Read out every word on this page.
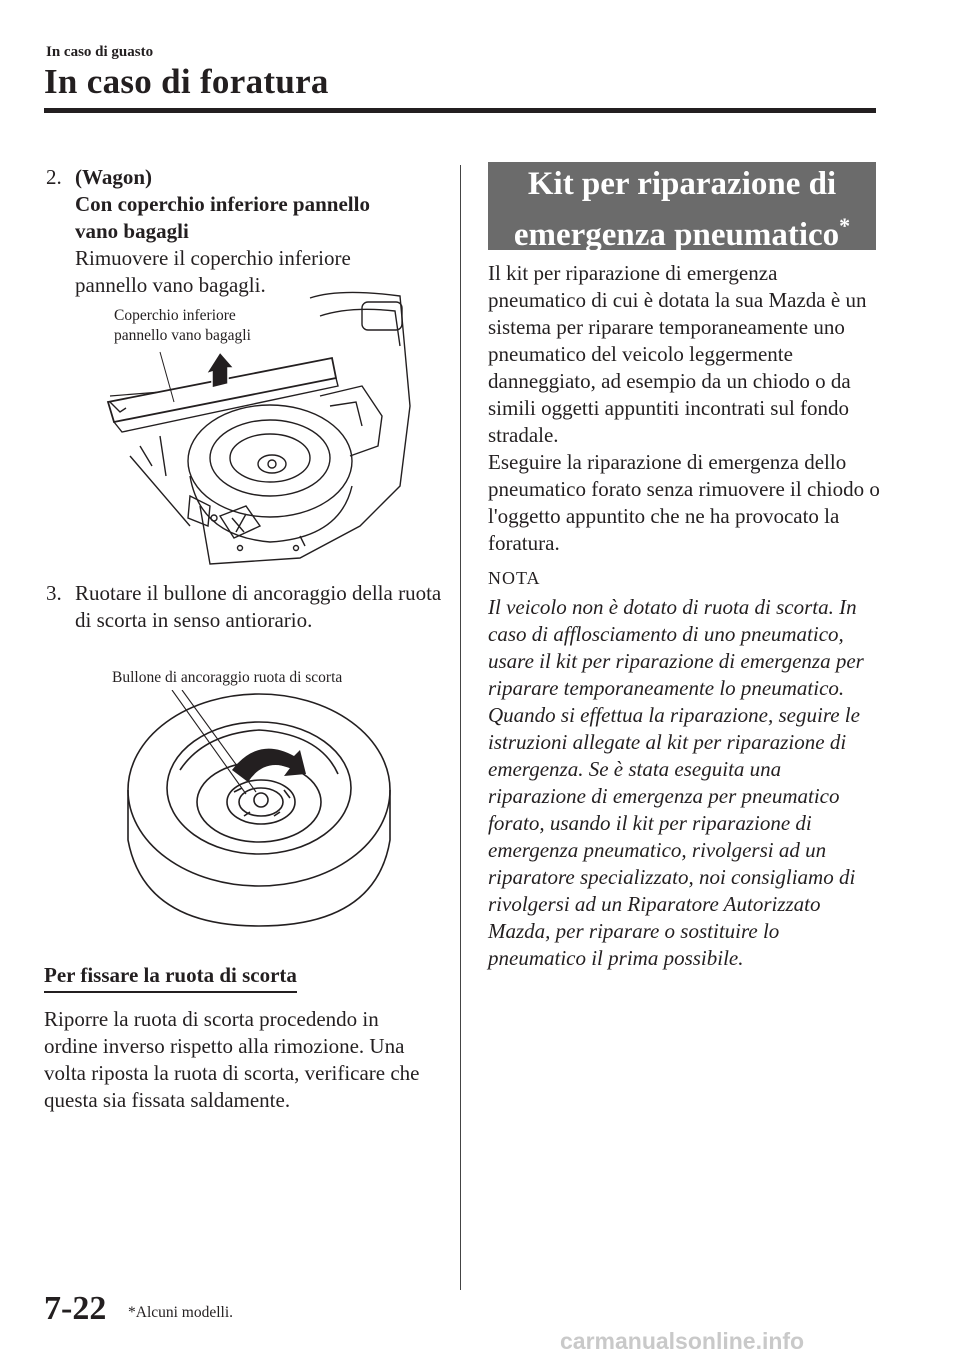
In caso di guasto
In caso di foratura
2. (Wagon)
Con coperchio inferiore pannello
vano bagagli
Rimuovere il coperchio inferiore pannello vano bagagli.
Coperchio inferiore
pannello vano bagagli
3. Ruotare il bullone di ancoraggio della ruota di scorta in senso antiorario.
Bullone di ancoraggio ruota di scorta
Per fissare la ruota di scorta
Riporre la ruota di scorta procedendo in ordine inverso rispetto alla rimozione. Una volta riposta la ruota di scorta, verificare che questa sia fissata saldamente.
Kit per riparazione di
emergenza pneumatico*
Il kit per riparazione di emergenza pneumatico di cui è dotata la sua Mazda è un sistema per riparare temporaneamente uno pneumatico del veicolo leggermente danneggiato, ad esempio da un chiodo o da simili oggetti appuntiti incontrati sul fondo stradale.
Eseguire la riparazione di emergenza dello pneumatico forato senza rimuovere il chiodo o l'oggetto appuntito che ne ha provocato la foratura.
NOTA
Il veicolo non è dotato di ruota di scorta. In caso di afflosciamento di uno pneumatico, usare il kit per riparazione di emergenza per riparare temporaneamente lo pneumatico. Quando si effettua la riparazione, seguire le istruzioni allegate al kit per riparazione di emergenza. Se è stata eseguita una riparazione di emergenza per pneumatico forato, usando il kit per riparazione di emergenza pneumatico, rivolgersi ad un riparatore specializzato, noi consigliamo di rivolgersi ad un Riparatore Autorizzato Mazda, per riparare o sostituire lo pneumatico il prima possibile.
7-22 *Alcuni modelli.
carmanualsonline.info
